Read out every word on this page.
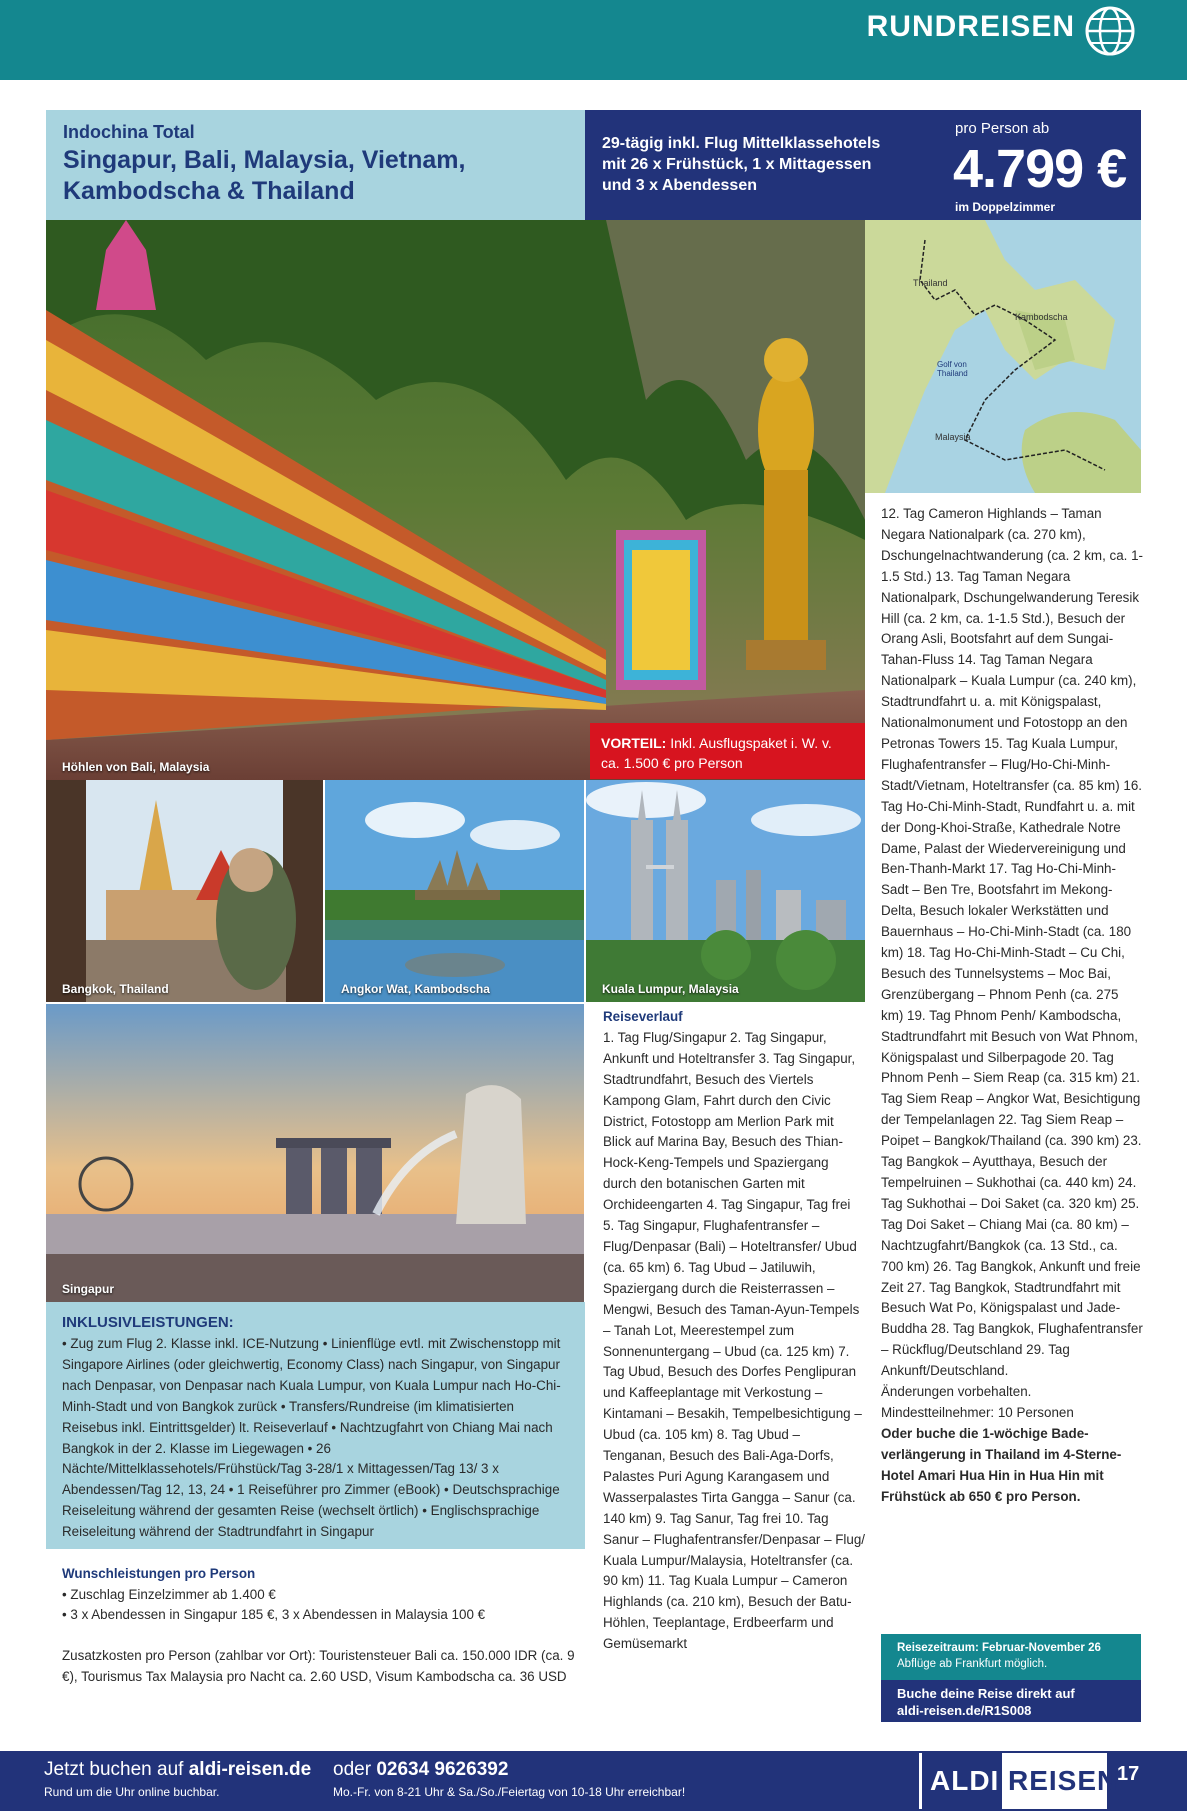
RUNDREISEN
Indochina Total
Singapur, Bali, Malaysia, Vietnam, Kambodscha & Thailand
29-tägig inkl. Flug Mittelklassehotels mit 26 x Frühstück, 1 x Mittagessen und 3 x Abendessen
pro Person ab
4.799 €
im Doppelzimmer
Höhlen von Bali, Malaysia
Thailand
Kambodscha
Golf von Thailand
Malaysia
VORTEIL: Inkl. Ausflugspaket i. W. v. ca. 1.500 € pro Person
Bangkok, Thailand	Angkor Wat, Kambodscha	Kuala Lumpur, Malaysia
Singapur
INKLUSIVLEISTUNGEN:
• Zug zum Flug 2. Klasse inkl. ICE-Nutzung • Linienflüge evtl. mit Zwischenstopp mit Singapore Airlines (oder gleichwertig, Economy Class) nach Singapur, von Singapur nach Denpasar, von Denpasar nach Kuala Lumpur, von Kuala Lumpur nach Ho-Chi-Minh-Stadt und von Bangkok zurück • Transfers/Rundreise (im klimatisierten Reisebus inkl. Eintrittsgelder) lt. Reiseverlauf • Nachtzugfahrt von Chiang Mai nach Bangkok in der 2. Klasse im Liegewagen • 26 Nächte/Mittelklassehotels/Frühstück/Tag 3-28/1 x Mittagessen/Tag 13/ 3 x Abendessen/Tag 12, 13, 24 • 1 Reiseführer pro Zimmer (eBook) • Deutschsprachige Reiseleitung während der gesamten Reise (wechselt örtlich) • Englischsprachige Reiseleitung während der Stadtrundfahrt in Singapur
Wunschleistungen pro Person
• Zuschlag Einzelzimmer ab 1.400 €
• 3 x Abendessen in Singapur 185 €, 3 x Abendessen in Malaysia 100 €
Zusatzkosten pro Person (zahlbar vor Ort): Touristensteuer Bali ca. 150.000 IDR (ca. 9 €), Tourismus Tax Malaysia pro Nacht ca. 2.60 USD, Visum Kambodscha ca. 36 USD
Reiseverlauf
1. Tag Flug/Singapur 2. Tag Singapur, Ankunft und Hoteltransfer 3. Tag Singapur, Stadtrundfahrt, Besuch des Viertels Kampong Glam, Fahrt durch den Civic District, Fotostopp am Merlion Park mit Blick auf Marina Bay, Besuch des Thian-Hock-Keng-Tempels und Spaziergang durch den botanischen Garten mit Orchideengarten 4. Tag Singapur, Tag frei 5. Tag Singapur, Flughafentransfer – Flug/Denpasar (Bali) – Hoteltransfer/ Ubud (ca. 65 km) 6. Tag Ubud – Jatiluwih, Spaziergang durch die Reisterrassen – Mengwi, Besuch des Taman-Ayun-Tempels – Tanah Lot, Meerestempel zum Sonnenuntergang – Ubud (ca. 125 km) 7. Tag Ubud, Besuch des Dorfes Penglipuran und Kaffeeplantage mit Verkostung – Kintamani – Besakih, Tempelbesichtigung – Ubud (ca. 105 km) 8. Tag Ubud – Tenganan, Besuch des Bali-Aga-Dorfs, Palastes Puri Agung Karangasem und Wasserpalastes Tirta Gangga – Sanur (ca. 140 km) 9. Tag Sanur, Tag frei 10. Tag Sanur – Flughafentransfer/Denpasar – Flug/ Kuala Lumpur/Malaysia, Hoteltransfer (ca. 90 km) 11. Tag Kuala Lumpur – Cameron Highlands (ca. 210 km), Besuch der Batu-Höhlen, Teeplantage, Erdbeerfarm und Gemüsemarkt
12. Tag Cameron Highlands – Taman Negara Nationalpark (ca. 270 km), Dschungelnachtwanderung (ca. 2 km, ca. 1-1.5 Std.) 13. Tag Taman Negara Nationalpark, Dschungelwanderung Teresik Hill (ca. 2 km, ca. 1-1.5 Std.), Besuch der Orang Asli, Bootsfahrt auf dem Sungai-Tahan-Fluss 14. Tag Taman Negara Nationalpark – Kuala Lumpur (ca. 240 km), Stadtrundfahrt u. a. mit Königspalast, Nationalmonument und Fotostopp an den Petronas Towers 15. Tag Kuala Lumpur, Flughafentransfer – Flug/Ho-Chi-Minh-Stadt/Vietnam, Hoteltransfer (ca. 85 km) 16. Tag Ho-Chi-Minh-Stadt, Rundfahrt u. a. mit der Dong-Khoi-Straße, Kathedrale Notre Dame, Palast der Wiedervereinigung und Ben-Thanh-Markt 17. Tag Ho-Chi-Minh-Sadt – Ben Tre, Bootsfahrt im Mekong-Delta, Besuch lokaler Werkstätten und Bauernhaus – Ho-Chi-Minh-Stadt (ca. 180 km) 18. Tag Ho-Chi-Minh-Stadt – Cu Chi, Besuch des Tunnelsystems – Moc Bai, Grenzübergang – Phnom Penh (ca. 275 km) 19. Tag Phnom Penh/ Kambodscha, Stadtrundfahrt mit Besuch von Wat Phnom, Königspalast und Silberpagode 20. Tag Phnom Penh – Siem Reap (ca. 315 km) 21. Tag Siem Reap – Angkor Wat, Besichtigung der Tempelanlagen 22. Tag Siem Reap – Poipet – Bangkok/Thailand (ca. 390 km) 23. Tag Bangkok – Ayutthaya, Besuch der Tempelruinen – Sukhothai (ca. 440 km) 24. Tag Sukhothai – Doi Saket (ca. 320 km) 25. Tag Doi Saket – Chiang Mai (ca. 80 km) – Nachtzugfahrt/Bangkok (ca. 13 Std., ca. 700 km) 26. Tag Bangkok, Ankunft und freie Zeit 27. Tag Bangkok, Stadtrundfahrt mit Besuch Wat Po, Königspalast und Jade-Buddha 28. Tag Bangkok, Flughafentransfer – Rückflug/Deutschland 29. Tag Ankunft/Deutschland.
Änderungen vorbehalten.
Mindestteilnehmer: 10 Personen
Oder buche die 1-wöchige Badeverlängerung in Thailand im 4-Sterne-Hotel Amari Hua Hin in Hua Hin mit Frühstück ab 650 € pro Person.
Reisezeitraum: Februar-November 26
Abflüge ab Frankfurt möglich.
Buche deine Reise direkt auf
aldi-reisen.de/R1S008
Jetzt buchen auf aldi-reisen.de
Rund um die Uhr online buchbar.
oder 02634 9626392
Mo.-Fr. von 8-21 Uhr & Sa./So./Feiertag von 10-18 Uhr erreichbar!	ALDI REISEN
17
